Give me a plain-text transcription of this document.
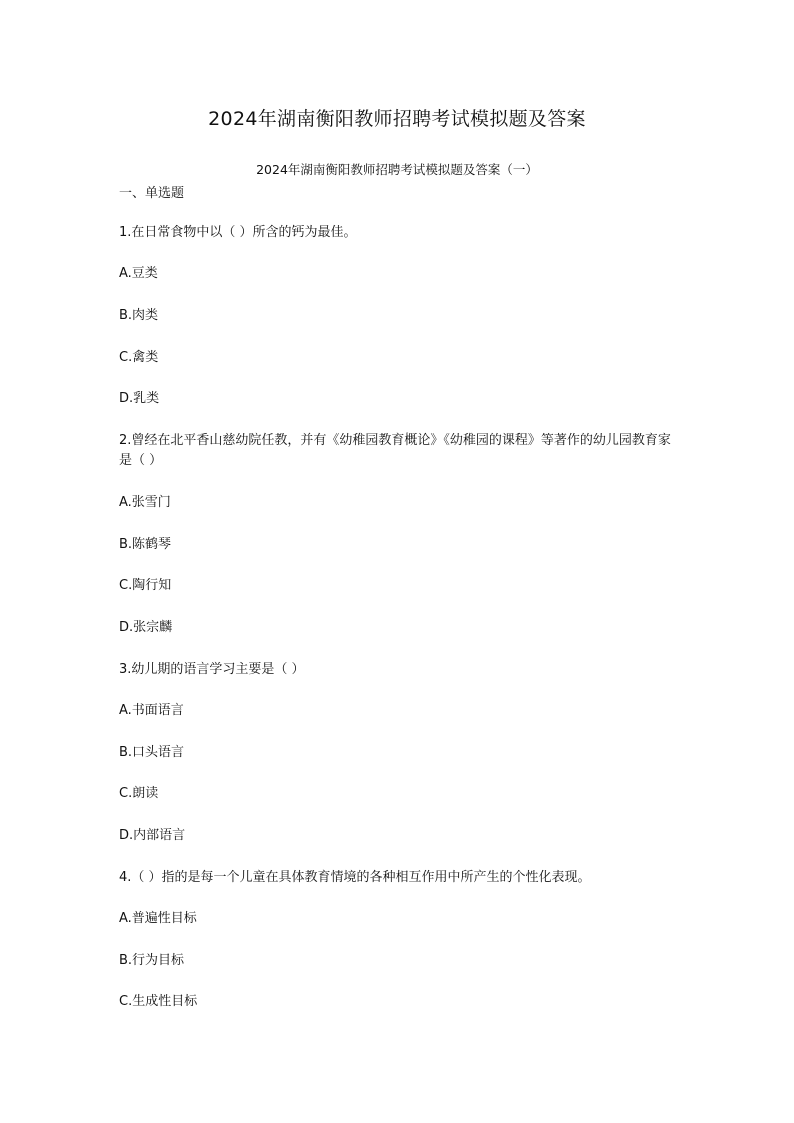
2024年湖南衡阳教师招聘考试模拟题及答案
2024年湖南衡阳教师招聘考试模拟题及答案（一）
一、单选题
1.在日常食物中以（ ）所含的钙为最佳。
A.豆类
B.肉类
C.禽类
D.乳类
2.曾经在北平香山慈幼院任教，并有《幼稚园教育概论》《幼稚园的课程》等著作的幼儿园教育家是（ ）
A.张雪门
B.陈鹤琴
C.陶行知
D.张宗麟
3.幼儿期的语言学习主要是（ ）
A.书面语言
B.口头语言
C.朗读
D.内部语言
4.（ ）指的是每一个儿童在具体教育情境的各种相互作用中所产生的个性化表现。
A.普遍性目标
B.行为目标
C.生成性目标
